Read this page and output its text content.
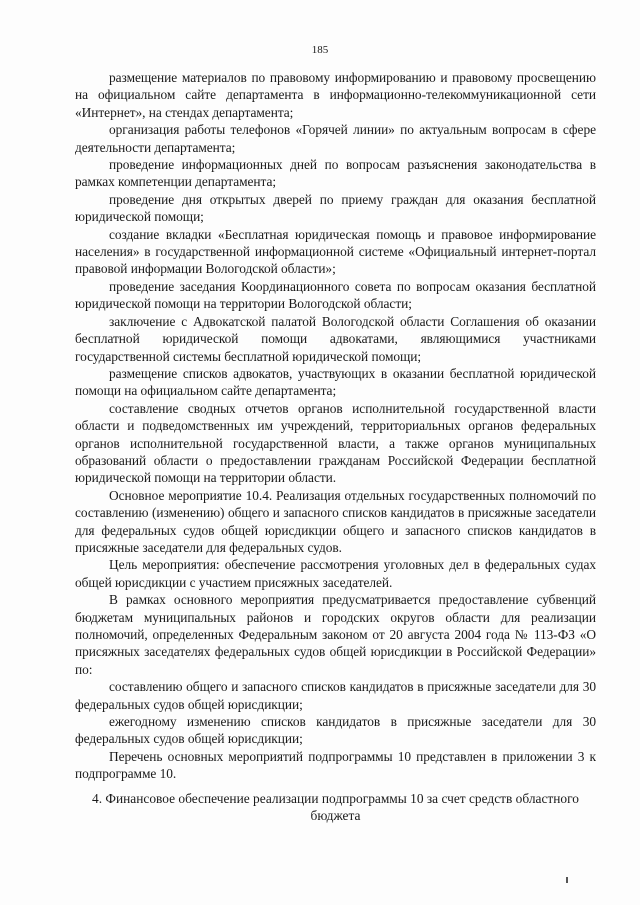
185

размещение материалов по правовому информированию и правовому просвещению на официальном сайте департамента в информационно-телекоммуникационной сети «Интернет», на стендах департамента;

организация работы телефонов «Горячей линии» по актуальным вопросам в сфере деятельности департамента;

проведение информационных дней по вопросам разъяснения законодательства в рамках компетенции департамента;

проведение дня открытых дверей по приему граждан для оказания бесплатной юридической помощи;

создание вкладки «Бесплатная юридическая помощь и правовое информирование населения» в государственной информационной системе «Официальный интернет-портал правовой информации Вологодской области»;

проведение заседания Координационного совета по вопросам оказания бесплатной юридической помощи на территории Вологодской области;

заключение с Адвокатской палатой Вологодской области Соглашения об оказании бесплатной юридической помощи адвокатами, являющимися участниками государственной системы бесплатной юридической помощи;

размещение списков адвокатов, участвующих в оказании бесплатной юридической помощи на официальном сайте департамента;

составление сводных отчетов органов исполнительной государственной власти области и подведомственных им учреждений, территориальных органов федеральных органов исполнительной государственной власти, а также органов муниципальных образований области о предоставлении гражданам Российской Федерации бесплатной юридической помощи на территории области.

Основное мероприятие 10.4. Реализация отдельных государственных полномочий по составлению (изменению) общего и запасного списков кандидатов в присяжные заседатели для федеральных судов общей юрисдикции общего и запасного списков кандидатов в присяжные заседатели для федеральных судов.

Цель мероприятия: обеспечение рассмотрения уголовных дел в федеральных судах общей юрисдикции с участием присяжных заседателей.

В рамках основного мероприятия предусматривается предоставление субвенций бюджетам муниципальных районов и городских округов области для реализации полномочий, определенных Федеральным законом от 20 августа 2004 года № 113-ФЗ «О присяжных заседателях федеральных судов общей юрисдикции в Российской Федерации» по:

составлению общего и запасного списков кандидатов в присяжные заседатели для 30 федеральных судов общей юрисдикции;

ежегодному изменению списков кандидатов в присяжные заседатели для 30 федеральных судов общей юрисдикции;

Перечень основных мероприятий подпрограммы 10 представлен в приложении 3 к подпрограмме 10.

4. Финансовое обеспечение реализации подпрограммы 10 за счет средств областного бюджета
